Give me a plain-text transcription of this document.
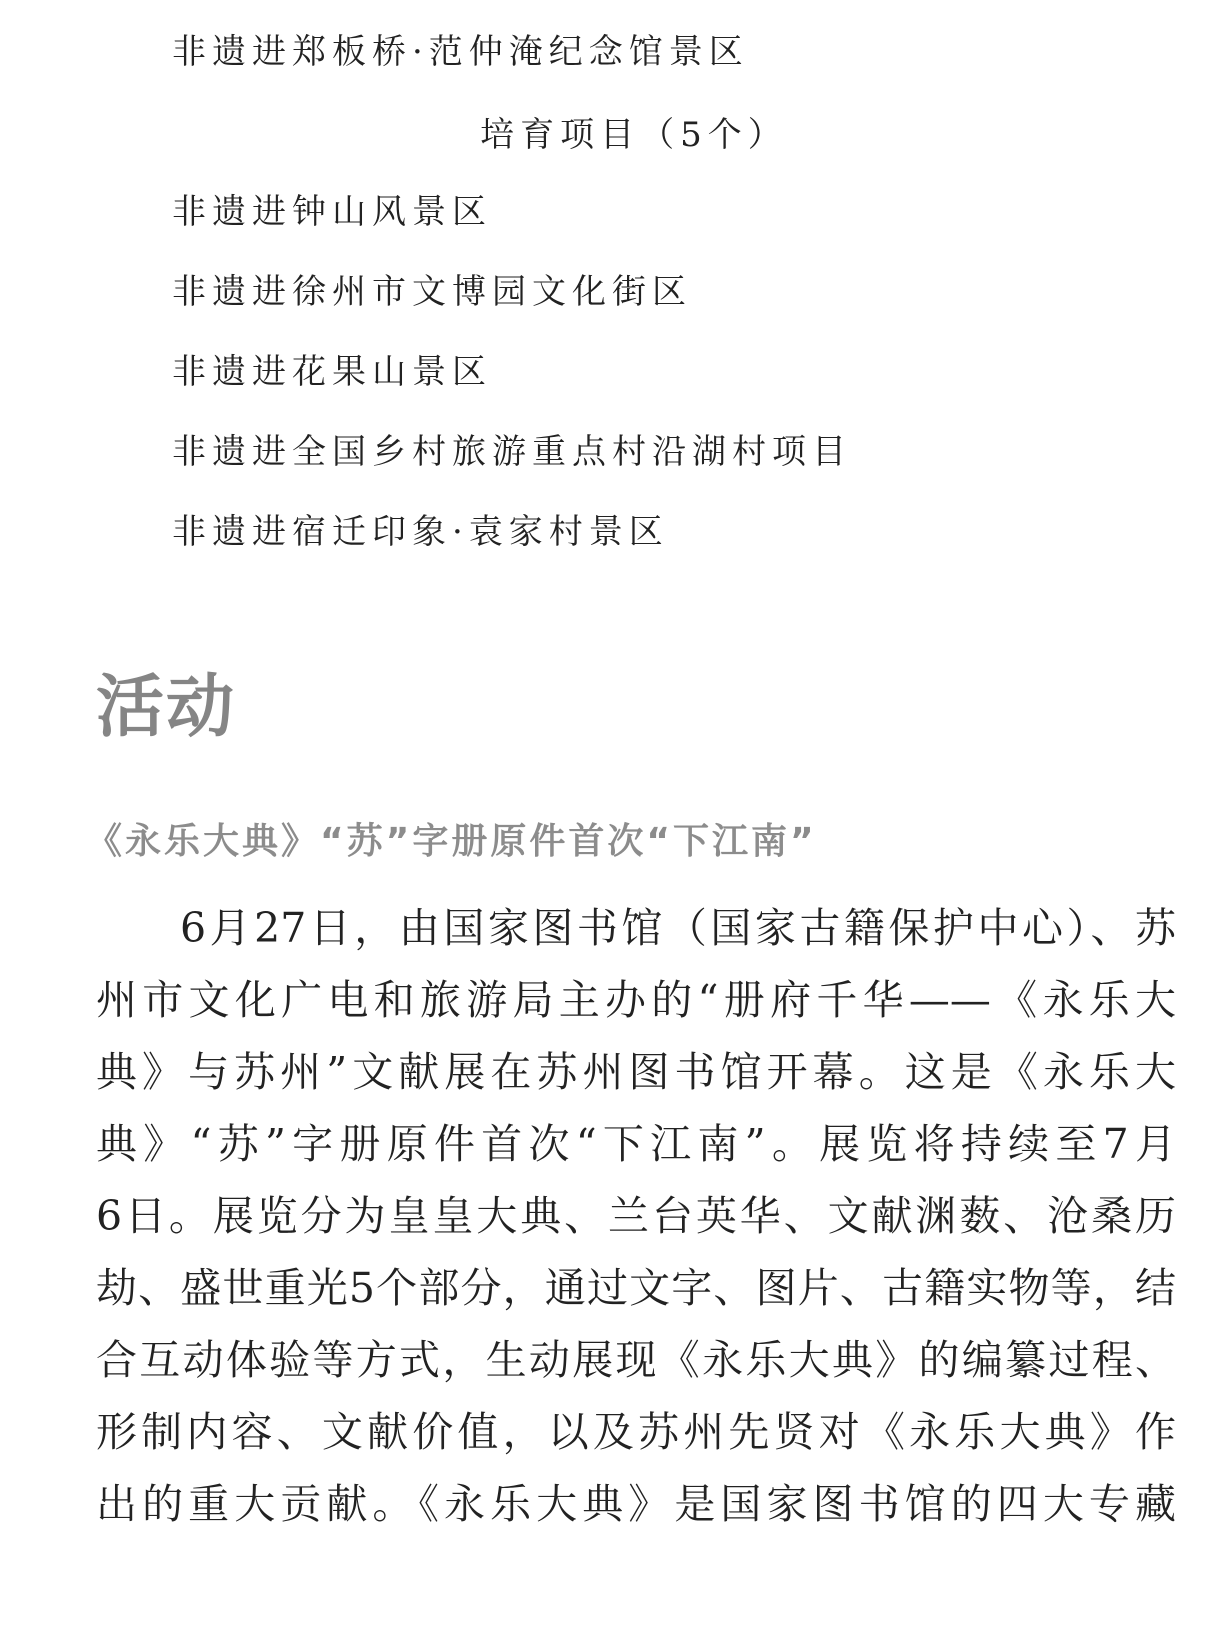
非遗进郑板桥·范仲淹纪念馆景区
培育项目（5个）
非遗进钟山风景区
非遗进徐州市文博园文化街区
非遗进花果山景区
非遗进全国乡村旅游重点村沿湖村项目
非遗进宿迁印象·袁家村景区
活动
《永乐大典》“苏”字册原件首次“下江南”
6月27日，由国家图书馆（国家古籍保护中心）、苏
州市文化广电和旅游局主办的“册府千华——《永乐大
典》与苏州”文献展在苏州图书馆开幕。这是《永乐大
典》“苏”字册原件首次“下江南”。展览将持续至7月
6日。展览分为皇皇大典、兰台英华、文献渊薮、沧桑历
劫、盛世重光5个部分，通过文字、图片、古籍实物等，结
合互动体验等方式，生动展现《永乐大典》的编纂过程、
形制内容、文献价值，以及苏州先贤对《永乐大典》作
出的重大贡献。《永乐大典》是国家图书馆的四大专藏
